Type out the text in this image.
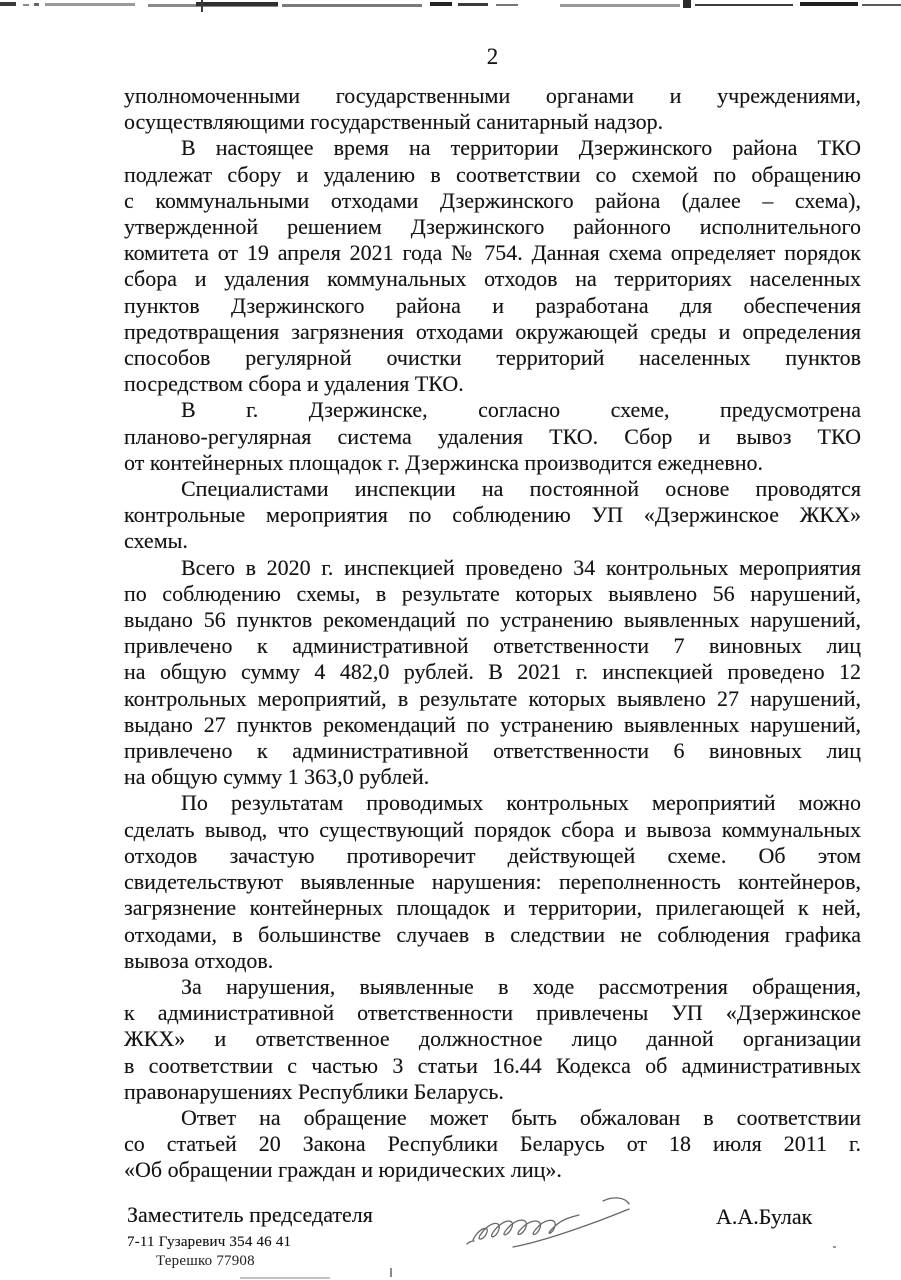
2
уполномоченными государственными органами и учреждениями,
осуществляющими государственный санитарный надзор.
В настоящее время на территории Дзержинского района ТКО
подлежат сбору и удалению в соответствии со схемой по обращению
с коммунальными отходами Дзержинского района (далее – схема),
утвержденной решением Дзержинского районного исполнительного
комитета от 19 апреля 2021 года № 754. Данная схема определяет порядок
сбора и удаления коммунальных отходов на территориях населенных
пунктов Дзержинского района и разработана для обеспечения
предотвращения загрязнения отходами окружающей среды и определения
способов регулярной очистки территорий населенных пунктов
посредством сбора и удаления ТКО.
В г. Дзержинске, согласно схеме, предусмотрена
планово-регулярная система удаления ТКО. Сбор и вывоз ТКО
от контейнерных площадок г. Дзержинска производится ежедневно.
Специалистами инспекции на постоянной основе проводятся
контрольные мероприятия по соблюдению УП «Дзержинское ЖКХ»
схемы.
Всего в 2020 г. инспекцией проведено 34 контрольных мероприятия
по соблюдению схемы, в результате которых выявлено 56 нарушений,
выдано 56 пунктов рекомендаций по устранению выявленных нарушений,
привлечено к административной ответственности 7 виновных лиц
на общую сумму 4 482,0 рублей. В 2021 г. инспекцией проведено 12
контрольных мероприятий, в результате которых выявлено 27 нарушений,
выдано 27 пунктов рекомендаций по устранению выявленных нарушений,
привлечено к административной ответственности 6 виновных лиц
на общую сумму 1 363,0 рублей.
По результатам проводимых контрольных мероприятий можно
сделать вывод, что существующий порядок сбора и вывоза коммунальных
отходов зачастую противоречит действующей схеме. Об этом
свидетельствуют выявленные нарушения: переполненность контейнеров,
загрязнение контейнерных площадок и территории, прилегающей к ней,
отходами, в большинстве случаев в следствии не соблюдения графика
вывоза отходов.
За нарушения, выявленные в ходе рассмотрения обращения,
к административной ответственности привлечены УП «Дзержинское
ЖКХ» и ответственное должностное лицо данной организации
в соответствии с частью 3 статьи 16.44 Кодекса об административных
правонарушениях Республики Беларусь.
Ответ на обращение может быть обжалован в соответствии
со статьей 20 Закона Республики Беларусь от 18 июля 2011 г.
«Об обращении граждан и юридических лиц».
Заместитель председателя	А.А.Булак
7-11 Гузаревич 354 46 41
Терешко 77908
